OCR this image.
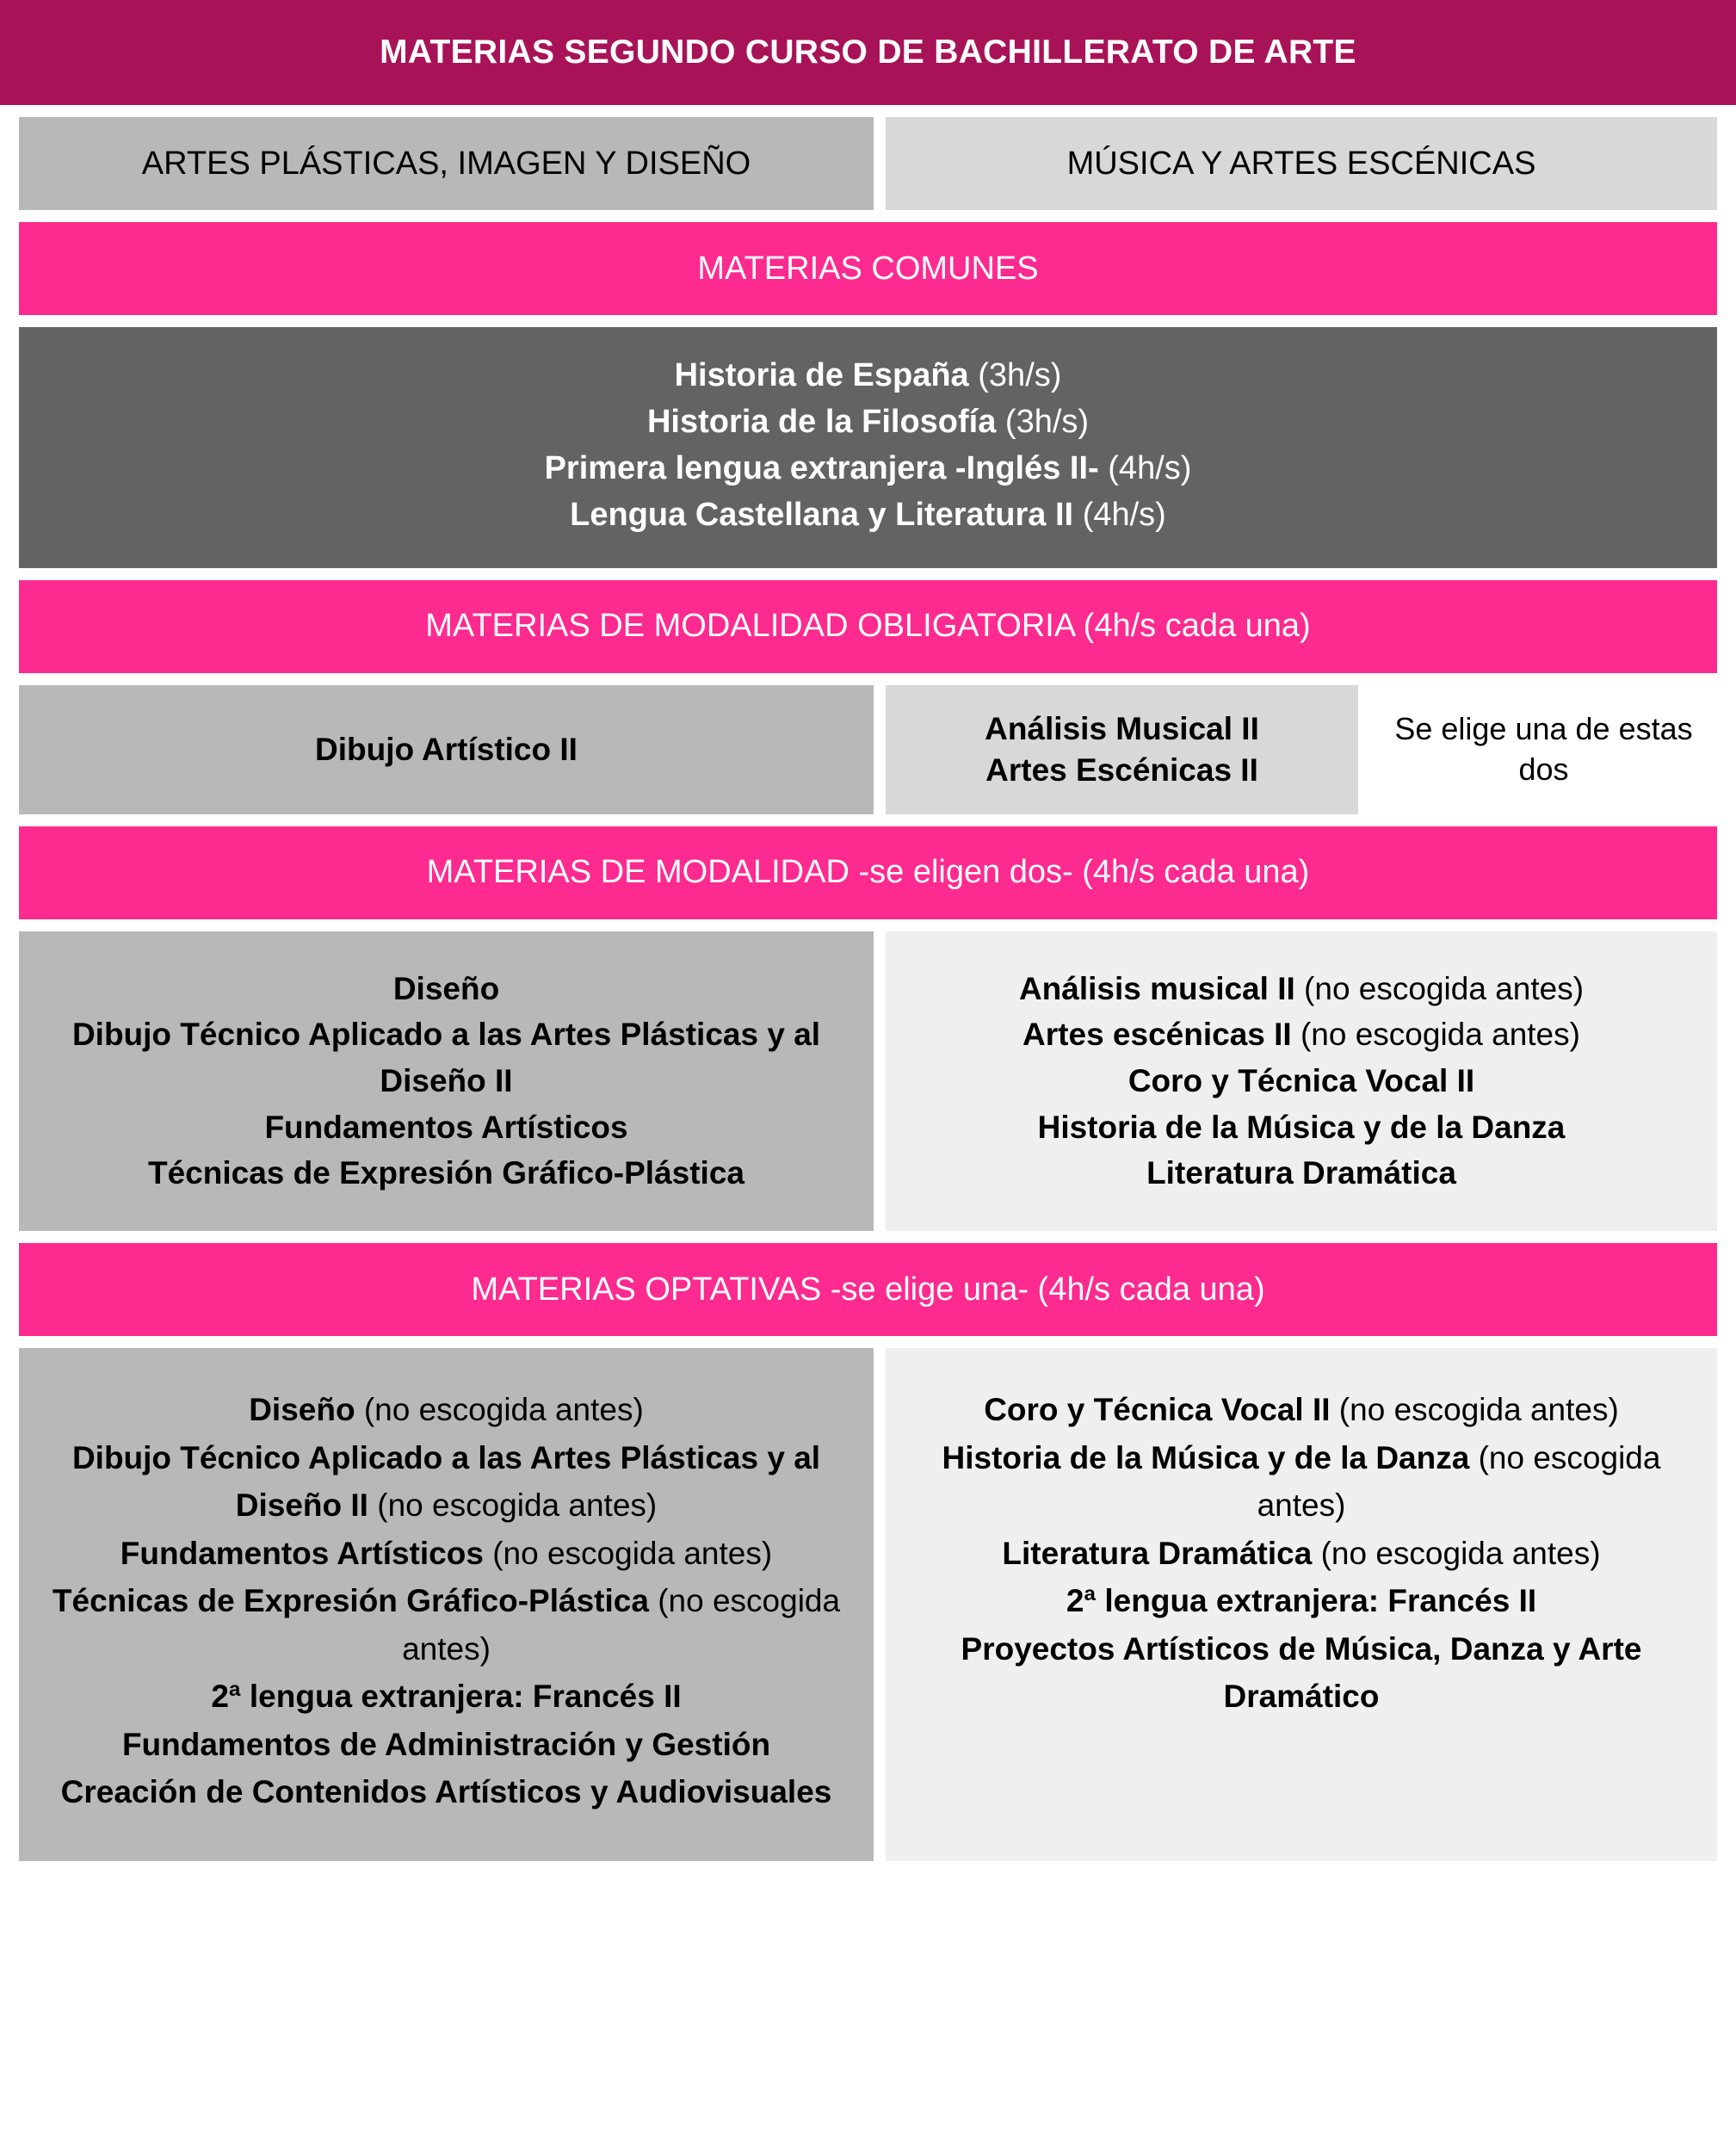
MATERIAS SEGUNDO CURSO DE BACHILLERATO DE ARTE
ARTES PLÁSTICAS, IMAGEN Y DISEÑO	MÚSICA Y ARTES ESCÉNICAS
MATERIAS COMUNES
Historia de España (3h/s)
Historia de la Filosofía (3h/s)
Primera lengua extranjera -Inglés II- (4h/s)
Lengua Castellana y Literatura II (4h/s)
MATERIAS DE MODALIDAD OBLIGATORIA (4h/s cada una)
Dibujo Artístico II
Análisis Musical II
Artes Escénicas II
Se elige una de estas dos
MATERIAS DE MODALIDAD -se eligen dos- (4h/s cada una)
Diseño
Dibujo Técnico Aplicado a las Artes Plásticas y al Diseño II
Fundamentos Artísticos
Técnicas de Expresión Gráfico-Plástica
Análisis musical II (no escogida antes)
Artes escénicas II (no escogida antes)
Coro y Técnica Vocal II
Historia de la Música y de la Danza
Literatura Dramática
MATERIAS OPTATIVAS -se elige una- (4h/s cada una)
Diseño (no escogida antes)
Dibujo Técnico Aplicado a las Artes Plásticas y al Diseño II (no escogida antes)
Fundamentos Artísticos (no escogida antes)
Técnicas de Expresión Gráfico-Plástica (no escogida antes)
2ª lengua extranjera: Francés II
Fundamentos de Administración y Gestión
Creación de Contenidos Artísticos y Audiovisuales
Coro y Técnica Vocal II (no escogida antes)
Historia de la Música y de la Danza (no escogida antes)
Literatura Dramática (no escogida antes)
2ª lengua extranjera: Francés II
Proyectos Artísticos de Música, Danza y Arte Dramático
